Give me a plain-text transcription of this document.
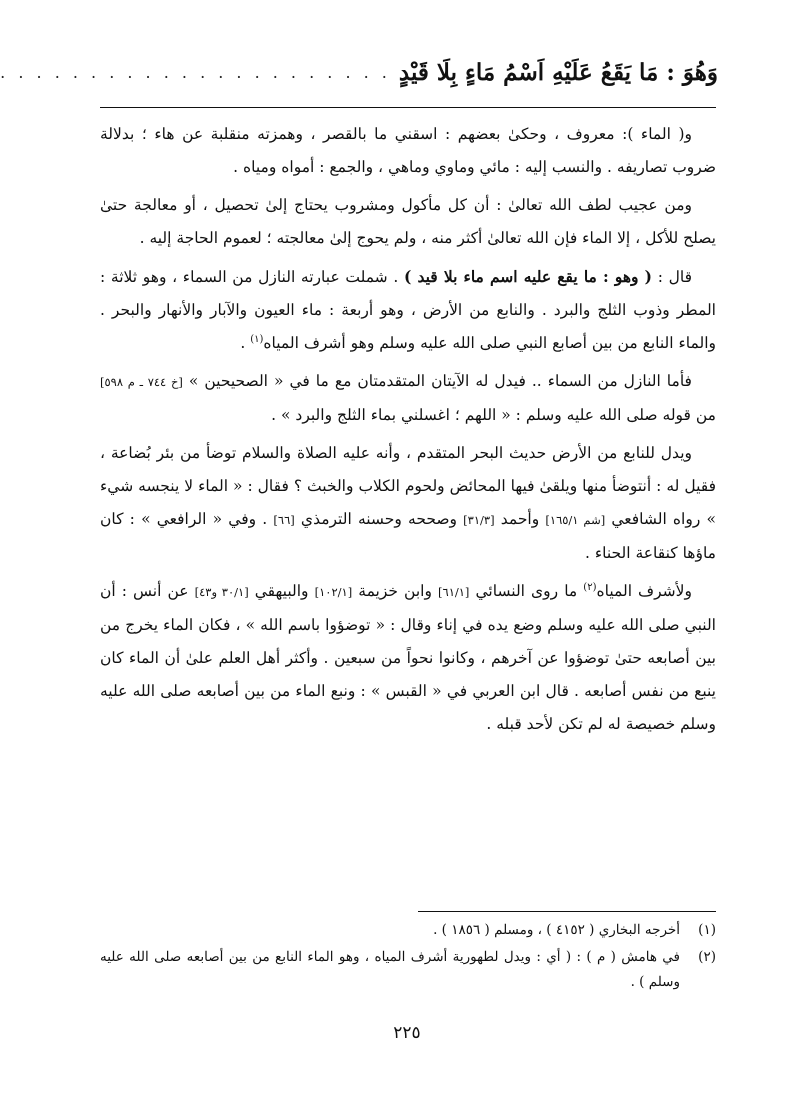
وَهُوَ : مَا يَقَعُ عَلَيْهِ اَسْمُ مَاءٍ بِلَا قَيْدٍ
. . . . . . . . . . . . . . . . . . . . . .

و( الماء ): معروف ، وحكىٰ بعضهم : اسقني ما بالقصر ، وهمزته منقلبة عن هاء ؛ بدلالة ضروب تصاريفه . والنسب إليه : مائي وماوي وماهي ، والجمع : أمواه ومياه .

ومن عجيب لطف الله تعالىٰ : أن كل مأكول ومشروب يحتاج إلىٰ تحصيل ، أو معالجة حتىٰ يصلح للأكل ، إلا الماء فإن الله تعالىٰ أكثر منه ، ولم يحوج إلىٰ معالجته ؛ لعموم الحاجة إليه .

قال : ( وهو : ما يقع عليه اسم ماء بلا قيد ) . شملت عبارته النازل من السماء ، وهو ثلاثة : المطر وذوب الثلج والبرد . والنابع من الأرض ، وهو أربعة : ماء العيون والآبار والأنهار والبحر . والماء النابع من بين أصابع النبي صلى الله عليه وسلم وهو أشرف المياه$^{(١)}$ .

فأما النازل من السماء .. فيدل له الآيتان المتقدمتان مع ما في « الصحيحين » [خ ٧٤٤ ـ م ٥٩٨] من قوله صلى الله عليه وسلم : « اللهم ؛ اغسلني بماء الثلج والبرد » .

ويدل للنابع من الأرض حديث البحر المتقدم ، وأنه عليه الصلاة والسلام توضأ من بئر بُضاعة ، فقيل له : أنتوضأ منها ويلقىٰ فيها المحائض ولحوم الكلاب والخبث ؟ فقال : « الماء لا ينجسه شيء » رواه الشافعي [شم ١٦٥/١] وأحمد [٣١/٣] وصححه وحسنه الترمذي [٦٦] . وفي « الرافعي » : كان ماؤها كنقاعة الحناء .

ولأشرف المياه$^{(٢)}$ ما روى النسائي [٦١/١] وابن خزيمة [١٠٢/١] والبيهقي [٣٠/١ و٤٣] عن أنس : أن النبي صلى الله عليه وسلم وضع يده في إناء وقال : « توضؤوا باسم الله » ، فكان الماء يخرج من بين أصابعه حتىٰ توضؤوا عن آخرهم ، وكانوا نحواً من سبعين . وأكثر أهل العلم علىٰ أن الماء كان ينبع من نفس أصابعه . قال ابن العربي في « القبس » : ونبع الماء من بين أصابعه صلى الله عليه وسلم خصيصة له لم تكن لأحد قبله .

(١)
أخرجه البخاري ( ٤١٥٢ ) ، ومسلم ( ١٨٥٦ ) .
(٢)
في هامش ( م ) : ( أي : ويدل لطهورية أشرف المياه ، وهو الماء النابع من بين أصابعه صلى الله عليه وسلم ) .
٢٢٥
